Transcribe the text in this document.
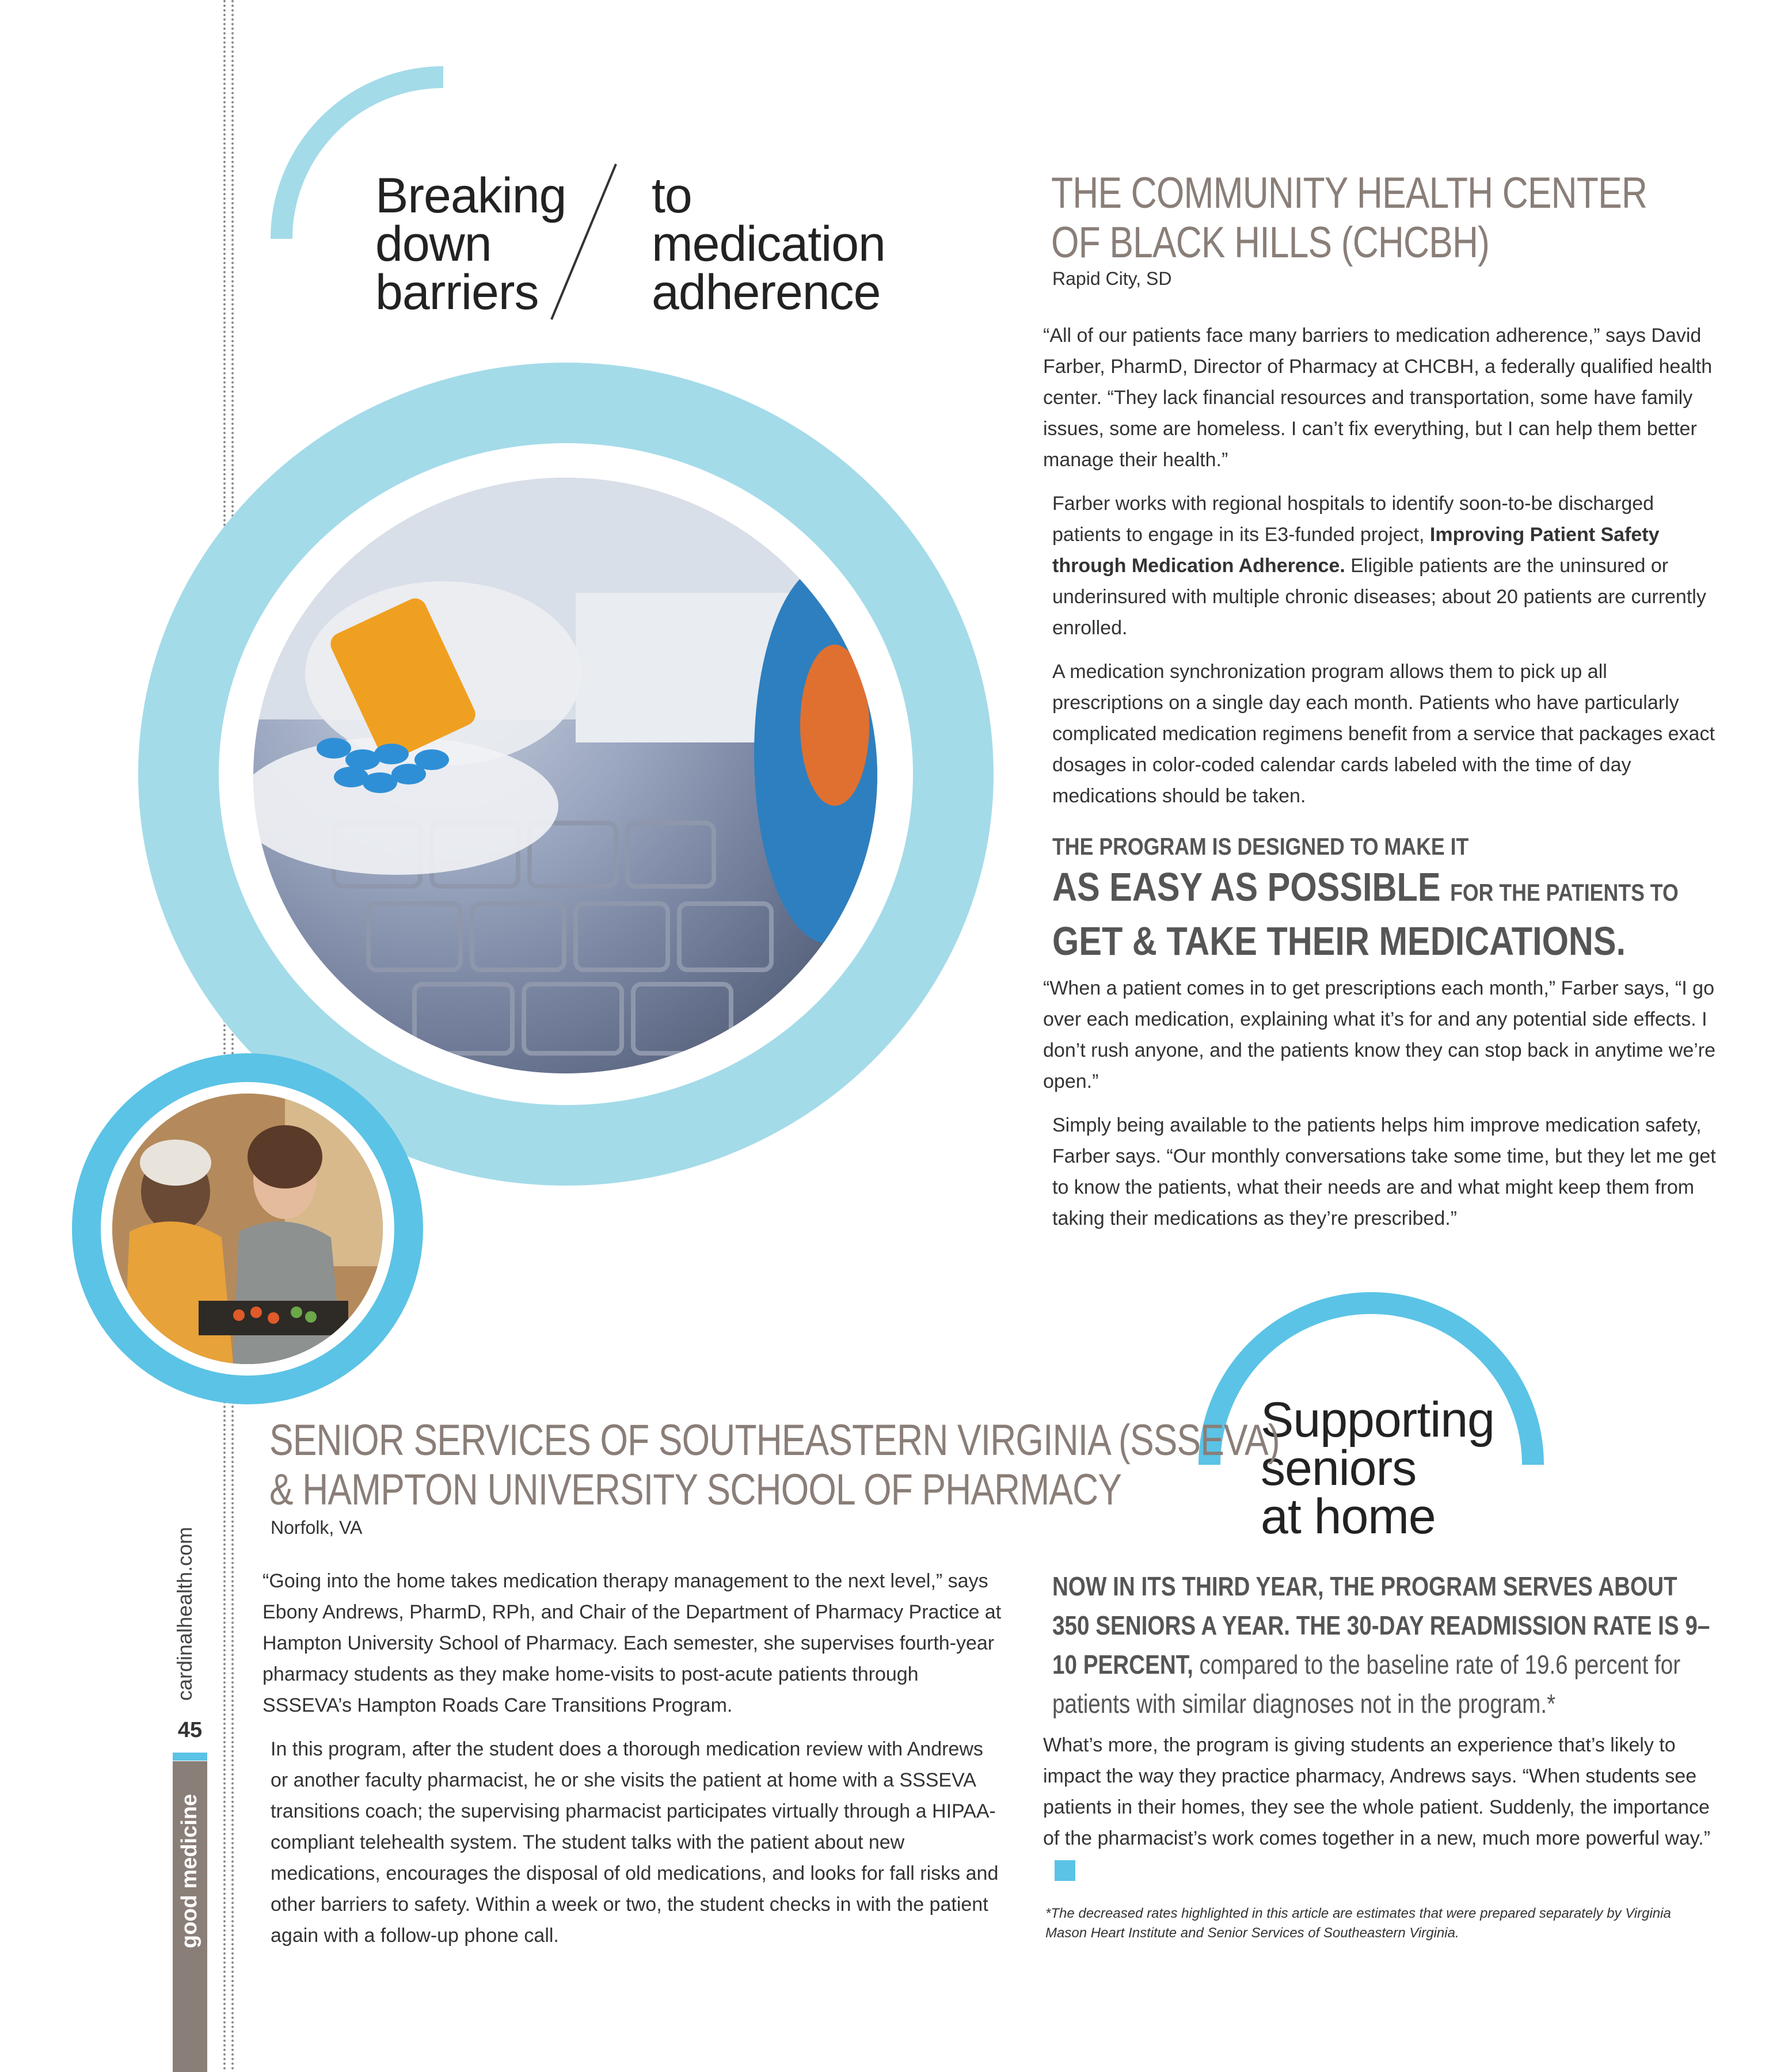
cardinalhealth.com
45
good medicine
Breaking
down
barriers
to
medication
adherence
THE COMMUNITY HEALTH CENTER
OF BLACK HILLS (CHCBH)
Rapid City, SD

“All of our patients face many barriers to medication adherence,” says David Farber, PharmD, Director of Pharmacy at CHCBH, a federally qualified health center. “They lack financial resources and transportation, some have family issues, some are homeless. I can’t fix everything, but I can help them better manage their health.”

Farber works with regional hospitals to identify soon-to-be discharged patients to engage in its E3-funded project, Improving Patient Safety through Medication Adherence. Eligible patients are the uninsured or underinsured with multiple chronic diseases; about 20 patients are currently enrolled.

A medication synchronization program allows them to pick up all prescriptions on a single day each month. Patients who have particularly complicated medication regimens benefit from a service that packages exact dosages in color-coded calendar cards labeled with the time of day medications should be taken.

THE PROGRAM IS DESIGNED TO MAKE IT
AS EASY AS POSSIBLE FOR THE PATIENTS TO
GET & TAKE THEIR MEDICATIONS.

“When a patient comes in to get prescriptions each month,” Farber says, “I go over each medication, explaining what it’s for and any potential side effects. I don’t rush anyone, and the patients know they can stop back in anytime we’re open.”

Simply being available to the patients helps him improve medication safety, Farber says. “Our monthly conversations take some time, but they let me get to know the patients, what their needs are and what might keep them from taking their medications as they’re prescribed.”

Supporting
seniors
at home
SENIOR SERVICES OF SOUTHEASTERN VIRGINIA (SSSEVA)
& HAMPTON UNIVERSITY SCHOOL OF PHARMACY
Norfolk, VA

“Going into the home takes medication therapy management to the next level,” says Ebony Andrews, PharmD, RPh, and Chair of the Department of Pharmacy Practice at Hampton University School of Pharmacy. Each semester, she supervises fourth-year pharmacy students as they make home-visits to post-acute patients through SSSEVA’s Hampton Roads Care Transitions Program.

In this program, after the student does a thorough medication review with Andrews or another faculty pharmacist, he or she visits the patient at home with a SSSEVA transitions coach; the supervising pharmacist participates virtually through a HIPAA-compliant telehealth system. The student talks with the patient about new medications, encourages the disposal of old medications, and looks for fall risks and other barriers to safety. Within a week or two, the student checks in with the patient again with a follow-up phone call.

NOW IN ITS THIRD YEAR, THE PROGRAM SERVES ABOUT 350 SENIORS A YEAR. THE 30-DAY READMISSION RATE IS 9–10 PERCENT, compared to the baseline rate of 19.6 percent for patients with similar diagnoses not in the program.*

What’s more, the program is giving students an experience that’s likely to impact the way they practice pharmacy, Andrews says. “When students see patients in their homes, they see the whole patient. Suddenly, the importance of the pharmacist’s work comes together in a new, much more powerful way.”

*The decreased rates highlighted in this article are estimates that were prepared separately by Virginia Mason Heart Institute and Senior Services of Southeastern Virginia.
